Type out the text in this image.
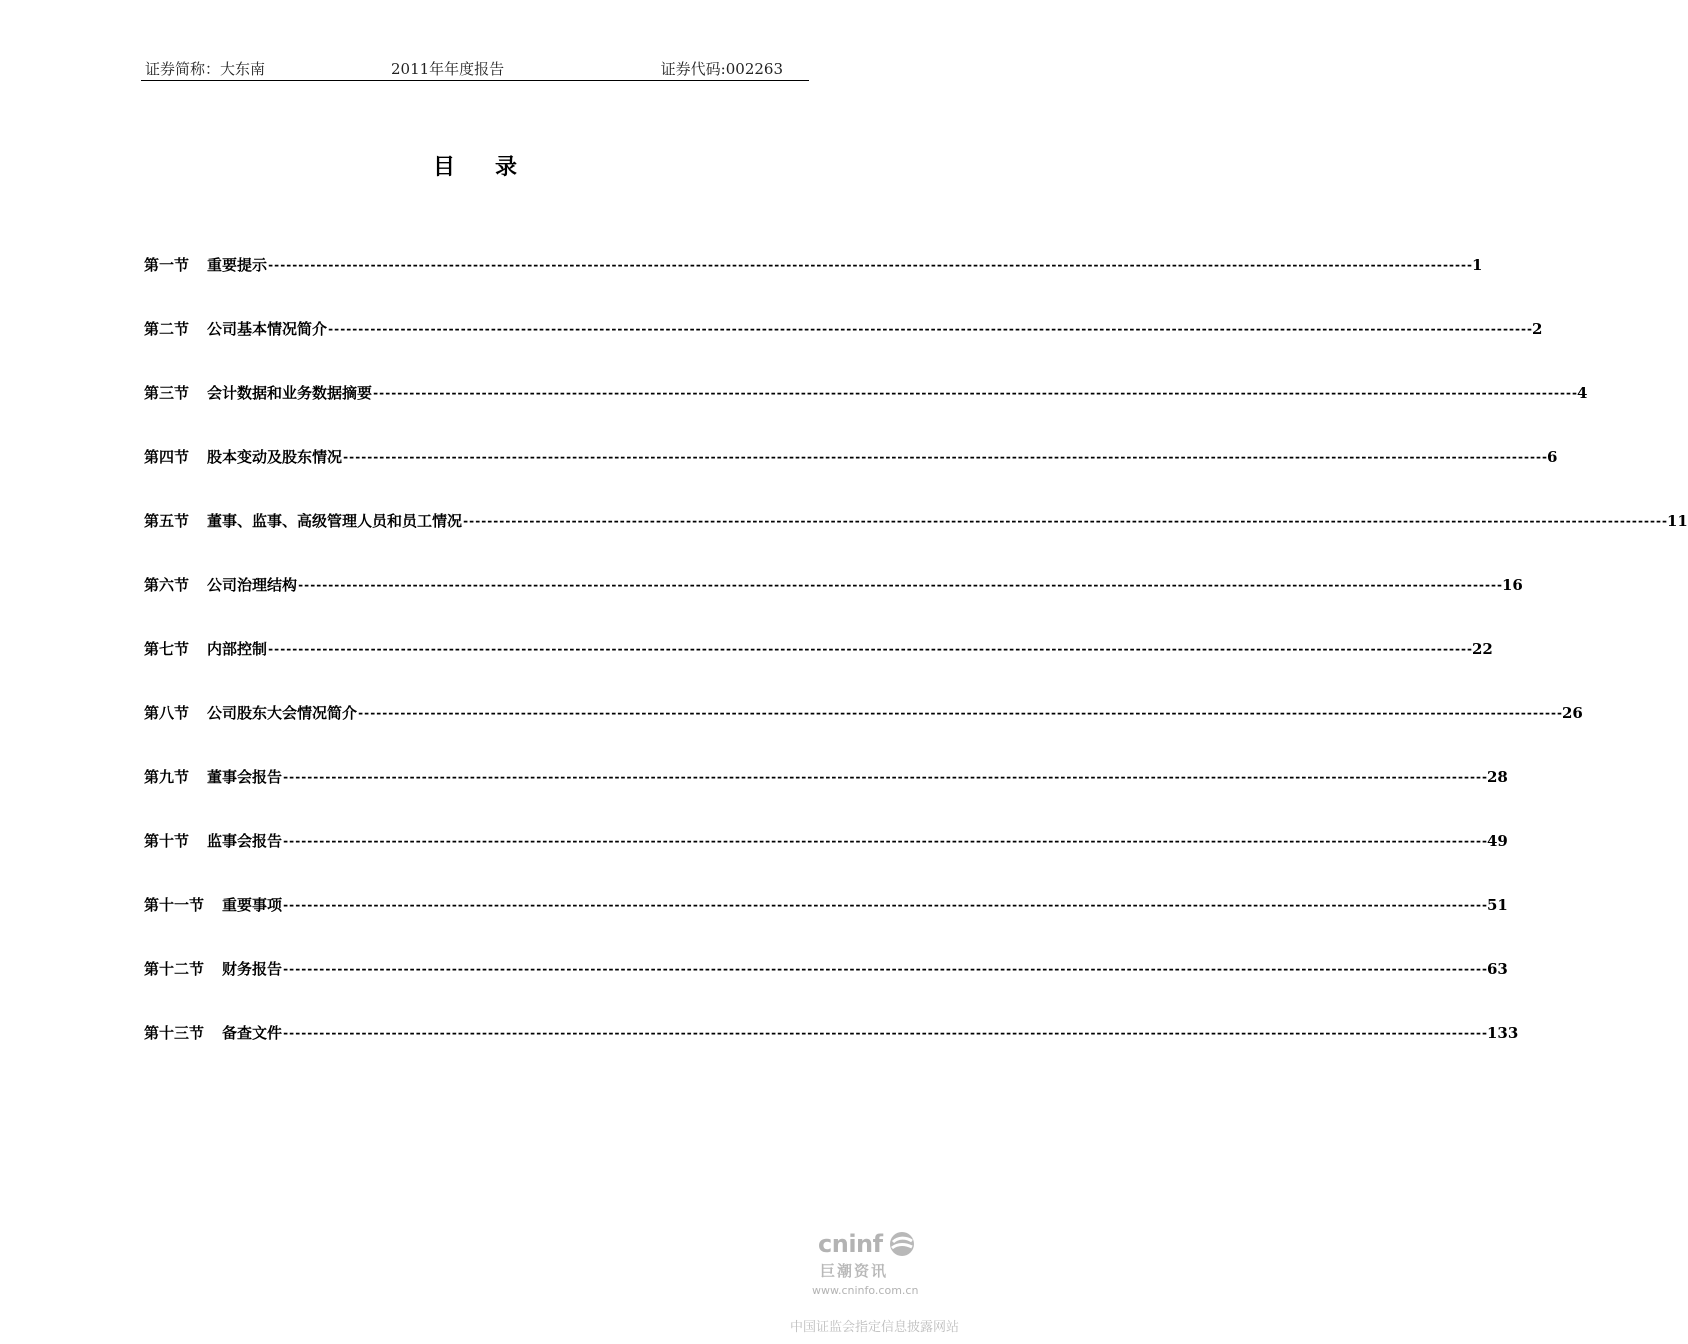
证券简称：大东南	2011年年度报告	证券代码:002263
目录
第一节 重要提示 -------------------------------------------------------------------------------------------------------------------------------------------------------------------------------------------------------- 1
第二节 公司基本情况简介 -------------------------------------------------------------------------------------------------------------------------------------------------------------------------------------------------------- 2
第三节 会计数据和业务数据摘要 -------------------------------------------------------------------------------------------------------------------------------------------------------------------------------------------------------- 4
第四节 股本变动及股东情况 -------------------------------------------------------------------------------------------------------------------------------------------------------------------------------------------------------- 6
第五节 董事、监事、高级管理人员和员工情况 -------------------------------------------------------------------------------------------------------------------------------------------------------------------------------------------------------- 11
第六节 公司治理结构 -------------------------------------------------------------------------------------------------------------------------------------------------------------------------------------------------------- 16
第七节 内部控制 -------------------------------------------------------------------------------------------------------------------------------------------------------------------------------------------------------- 22
第八节 公司股东大会情况简介 -------------------------------------------------------------------------------------------------------------------------------------------------------------------------------------------------------- 26
第九节 董事会报告 -------------------------------------------------------------------------------------------------------------------------------------------------------------------------------------------------------- 28
第十节 监事会报告 -------------------------------------------------------------------------------------------------------------------------------------------------------------------------------------------------------- 49
第十一节 重要事项 -------------------------------------------------------------------------------------------------------------------------------------------------------------------------------------------------------- 51
第十二节 财务报告 -------------------------------------------------------------------------------------------------------------------------------------------------------------------------------------------------------- 63
第十三节 备查文件 -------------------------------------------------------------------------------------------------------------------------------------------------------------------------------------------------------- 133
cninf
巨潮资讯
www.cninfo.com.cn
中国证监会指定信息披露网站
